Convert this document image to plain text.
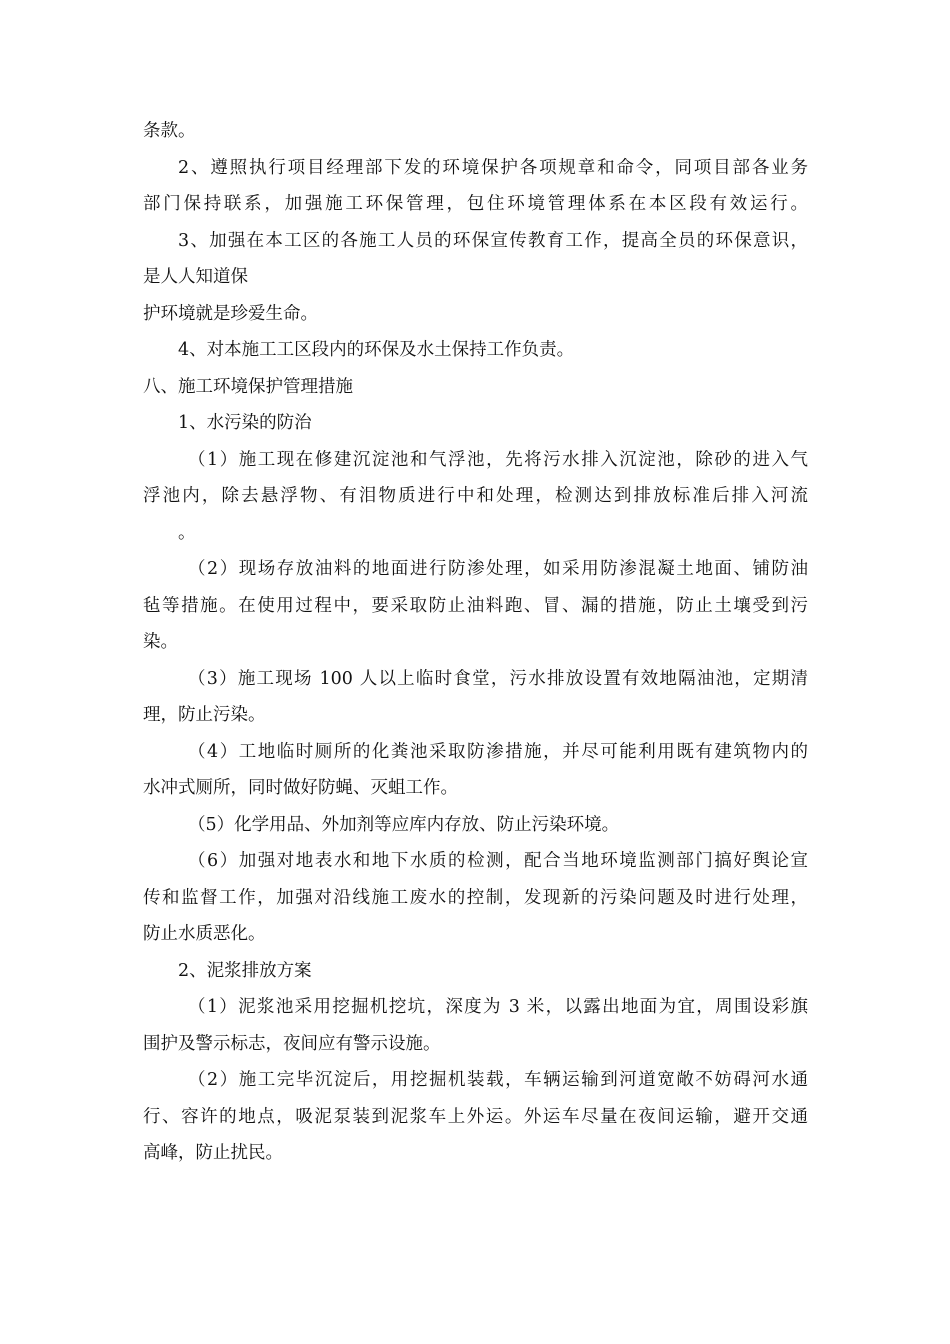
条款。
2、遵照执行项目经理部下发的环境保护各项规章和命令，同项目部各业务
部门保持联系，加强施工环保管理，包住环境管理体系在本区段有效运行。
3、加强在本工区的各施工人员的环保宣传教育工作，提高全员的环保意识，
是人人知道保
护环境就是珍爱生命。
4、对本施工工区段内的环保及水土保持工作负责。
八、施工环境保护管理措施
1、水污染的防治
（1）施工现在修建沉淀池和气浮池，先将污水排入沉淀池，除砂的进入气
浮池内，除去悬浮物、有泪物质进行中和处理，检测达到排放标准后排入河流
。
（2）现场存放油料的地面进行防渗处理，如采用防渗混凝土地面、铺防油
毡等措施。在使用过程中，要采取防止油料跑、冒、漏的措施，防止土壤受到污
染。
（3）施工现场 100 人以上临时食堂，污水排放设置有效地隔油池，定期清
理，防止污染。
（4）工地临时厕所的化粪池采取防渗措施，并尽可能利用既有建筑物内的
水冲式厕所，同时做好防蝇、灭蛆工作。
（5）化学用品、外加剂等应库内存放、防止污染环境。
（6）加强对地表水和地下水质的检测，配合当地环境监测部门搞好舆论宣
传和监督工作，加强对沿线施工废水的控制，发现新的污染问题及时进行处理，
防止水质恶化。
2、泥浆排放方案
（1）泥浆池采用挖掘机挖坑，深度为 3 米，以露出地面为宜，周围设彩旗
围护及警示标志，夜间应有警示设施。
（2）施工完毕沉淀后，用挖掘机装载，车辆运输到河道宽敞不妨碍河水通
行、容许的地点，吸泥泵装到泥浆车上外运。外运车尽量在夜间运输，避开交通
高峰，防止扰民。
